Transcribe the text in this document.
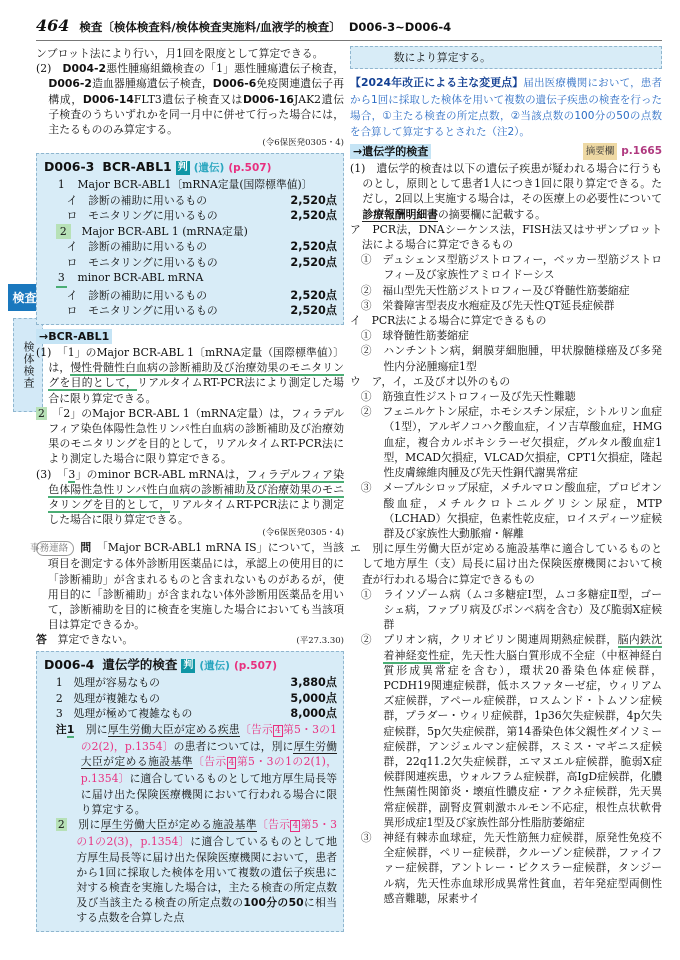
464 検査〔検体検査料/検体検査実施料/血液学的検査〕 D006-3~D006-4
検査
検体検査

ンブロット法により行い，月1回を限度として算定できる。

(2)　 D004-2悪性腫瘍組織検査の「1」悪性腫瘍遺伝子検査，D006-2造血器腫瘍遺伝子検査，D006-6免疫関連遺伝子再構成，D006-14FLT3遺伝子検査又はD006-16JAK2遺伝子検査のうちいずれかを同一月中に併せて行った場合には，主たるもののみ算定する。

(令6保医発0305・4)
D006-3 BCR-ABL1 判 (遺伝) (p.507)
1　 Major BCR-ABL1〔mRNA定量(国際標準値)〕
イ　 診断の補助に用いるもの	2,520点
ロ　 モニタリングに用いるもの	2,520点
2　 Major BCR-ABL 1 (mRNA定量)
イ　 診断の補助に用いるもの	2,520点
ロ　 モニタリングに用いるもの	2,520点
3　 minor BCR-ABL mRNA
イ　 診断の補助に用いるもの	2,520点
ロ　 モニタリングに用いるもの	2,520点
→BCR-ABL1

(1)　 「1」のMajor BCR-ABL 1〔mRNA定量（国際標準値）〕は，慢性骨髄性白血病の診断補助及び治療効果のモニタリングを目的として，リアルタイムRT-PCR法により測定した場合に限り算定できる。

2　 「2」のMajor BCR-ABL 1（mRNA定量）は，フィラデルフィア染色体陽性急性リンパ性白血病の診断補助及び治療効果のモニタリングを目的として，リアルタイムRT-PCR法により測定した場合に限り算定できる。

(3)　 「3」のminor BCR-ABL mRNAは，フィラデルフィア染色体陽性急性リンパ性白血病の診断補助及び治療効果のモニタリングを目的として，リアルタイムRT-PCR法により測定した場合に限り算定できる。

(令6保医発0305・4)

事務連絡 問　 「Major BCR-ABL1 mRNA IS」について，当該項目を測定する体外診断用医薬品には，承認上の使用目的に「診断補助」が含まれるものと含まれないものがあるが，使用目的に「診断補助」が含まれない体外診断用医薬品を用いて，診断補助を目的に検査を実施した場合においても当該項目は算定できるか。

答　 算定できない。	(平27.3.30)
D006-4 遺伝学的検査 判 (遺伝) (p.507)
1　 処理が容易なもの	3,880点
2　 処理が複雑なもの	5,000点
3　 処理が極めて複雑なもの	8,000点
注1　 別に厚生労働大臣が定める疾患〔告示 4 第5・3の1の2(2)，p.1354〕の患者については，別に厚生労働大臣が定める施設基準〔告示 4 第5・3の1の2(1)，p.1354〕に適合しているものとして地方厚生局長等に届け出た保険医療機関において行われる場合に限り算定する。
2　 別に厚生労働大臣が定める施設基準〔告示 4 第5・3の1の2(3)，p.1354〕に適合しているものとして地方厚生局長等に届け出た保険医療機関において，患者から1回に採取した検体を用いて複数の遺伝子疾患に対する検査を実施した場合は，主たる検査の所定点数及び当該主たる検査の所定点数の100分の50に相当する点数を合算した点
数により算定する。

【2024年改正による主な変更点】届出医療機関において，患者から1回に採取した検体を用いて複数の遺伝子疾患の検査を行った場合，①主たる検査の所定点数，②当該点数の100分の50の点数を合算して算定するとされた（注2）。

→遺伝学的検査	摘要欄 p.1665

(1)　 遺伝学的検査は以下の遺伝子疾患が疑われる場合に行うものとし，原則として患者1人につき1回に限り算定できる。ただし，2回以上実施する場合は，その医療上の必要性について診療報酬明細書の摘要欄に記載する。

ア　 PCR法，DNAシーケンス法，FISH法又はサザンブロット法による場合に算定できるもの

①　 デュシェンヌ型筋ジストロフィー，ベッカー型筋ジストロフィー及び家族性アミロイドーシス

②　 福山型先天性筋ジストロフィー及び脊髄性筋萎縮症

③　 栄養障害型表皮水疱症及び先天性QT延長症候群

イ　 PCR法による場合に算定できるもの

①　 球脊髄性筋萎縮症

②　 ハンチントン病，網膜芽細胞腫，甲状腺髄様癌及び多発性内分泌腫瘍症1型

ウ　 ア，イ，エ及びオ以外のもの

①　 筋強直性ジストロフィー及び先天性難聴

②　 フェニルケトン尿症，ホモシスチン尿症，シトルリン血症（1型），アルギノコハク酸血症，イソ吉草酸血症，HMG血症，複合カルボキシラーゼ欠損症，グルタル酸血症1型，MCAD欠損症，VLCAD欠損症，CPT1欠損症，隆起性皮膚線維肉腫及び先天性銅代謝異常症

③　 メープルシロップ尿症，メチルマロン酸血症，プロピオン酸血症，メチルクロトニルグリシン尿症，MTP（LCHAD）欠損症，色素性乾皮症，ロイスディーツ症候群及び家族性大動脈瘤・解離

エ　 別に厚生労働大臣が定める施設基準に適合しているものとして地方厚生（支）局長に届け出た保険医療機関において検査が行われる場合に算定できるもの

①　 ライソゾーム病（ムコ多糖症Ⅰ型，ムコ多糖症Ⅱ型，ゴーシェ病，ファブリ病及びポンペ病を含む）及び脆弱X症候群

②　 プリオン病，クリオピリン関連周期熱症候群，脳内鉄沈着神経変性症，先天性大脳白質形成不全症（中枢神経白質形成異常症を含む），環状20番染色体症候群，PCDH19関連症候群，低ホスファターゼ症，ウィリアムズ症候群，アペール症候群，ロスムンド・トムソン症候群，プラダー・ウィリ症候群，1p36欠失症候群，4p欠失症候群，5p欠失症候群，第14番染色体父親性ダイソミー症候群，アンジェルマン症候群，スミス・マギニス症候群，22q11.2欠失症候群，エマヌエル症候群，脆弱X症候群関連疾患，ウォルフラム症候群，高IgD症候群，化膿性無菌性関節炎・壊疽性膿皮症・アクネ症候群，先天異常症候群，副腎皮質刺激ホルモン不応症，根性点状軟骨異形成症1型及び家族性部分性脂肪萎縮症

③　 神経有棘赤血球症，先天性筋無力症候群，原発性免疫不全症候群，ペリー症候群，クルーゾン症候群，ファイファー症候群，アントレー・ビクスラー症候群，タンジール病，先天性赤血球形成異常性貧血，若年発症型両側性感音難聴，尿素サイ
